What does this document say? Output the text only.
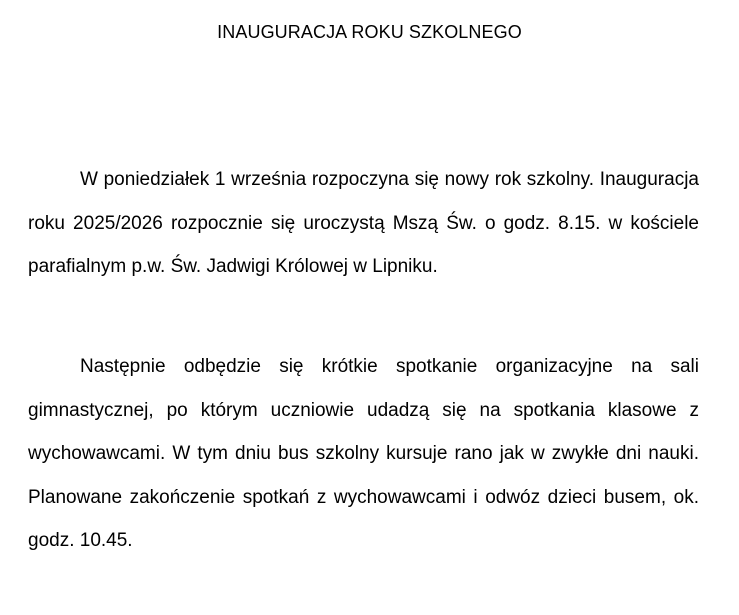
INAUGURACJA ROKU SZKOLNEGO

W poniedziałek 1 września rozpoczyna się nowy rok szkolny. Inauguracja roku 2025/2026 rozpocznie się uroczystą Mszą Św. o godz. 8.15. w kościele parafialnym p.w. Św. Jadwigi Królowej w Lipniku.

Następnie odbędzie się krótkie spotkanie organizacyjne na sali gimnastycznej, po którym uczniowie udadzą się na spotkania klasowe z wychowawcami. W tym dniu bus szkolny kursuje rano jak w zwykłe dni nauki. Planowane zakończenie spotkań z wychowawcami i odwóz dzieci busem, ok. godz. 10.45.
